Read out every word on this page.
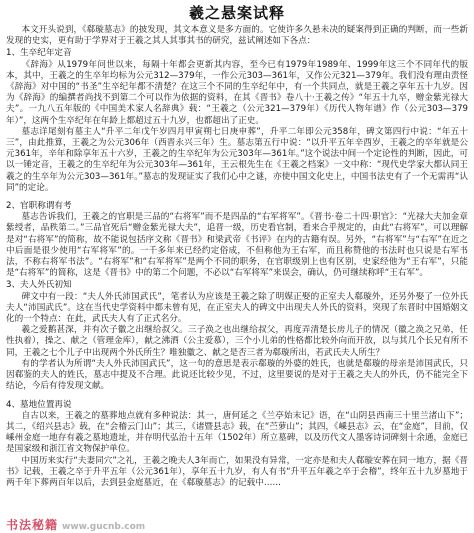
羲之悬案试释

本文开头说到，《郗璇墓志》的披发现，其文本意义是多方面的。它使许多久悬未决的疑案得到正确的判断，而一些新发现的史实，更有助于学界对于王羲之其人其事其书的研究，兹试阐述如下各点：

1、生卒纪年定音

《辞海》从1979年问世以来，每隔十年都会更新其内容，至今已有1979年1989年、1999年这三个不同年代的版本，其中，王羲之的生卒年均标为公元312—379年，一作公元303—361年，又作公元321—379年。我们没有理由责怪《辞海》对中国的“书圣”生卒纪年都不清楚？在这三个不同的生卒纪年中，有一个共同点，就是王羲之享年五十九岁。因为《辞海》的编撰者尚找不到第二个可以作为依据的资料，在其《晋书》卷八十·王羲之传》“年五十九卒，赠金紫光禄大夫”。一九八五年版的《中国美术家人名辞典》载：“王羲之（公元321—379年）《历代人物年谱》作（公元303—379年）”，这两个生卒纪年在年龄上都超过五十九岁，也都超出了正史。

墓志详尾刻有墓主人“升平二年戊午岁四月甲寅朔七日庚申葬”，升平二年即公元358年，碑文第四行中说：“年五十三”，由此推算，王羲之为公元306年（西晋永兴三年）生。墓志第五行中说：“以升平五年辛酉岁，王羲之的卒年就是公元361年，辛年和除享年五十六岁，王羲之的生卒纪年为公元303年—361年。”这个说法中间一个定论性的判断，因此，可以一锤定音，王羲之的生卒纪年为公元303年—361年，王云根先生在《王羲之档案》一文中称：“现代史学家大都认同王羲之的生卒年为公元303—361年。”墓志的发现证实了我们心中之谜，亦使中国文化史上，中国书法史有了一个无需再“认同”的定论。

2、官职称谓有考

墓志告诉我们，王羲之的官职是三品的“右将军”而不是四品的“右军将军”。《晋书·卷二十四·职官》：“光禄大夫加金章紫绶者，品秩第二。”三品官死后“赠金紫光禄大夫”，追晋一级，历史看官制，看来合乎规定的，由此“右将军”，可以理解是对“右将军”的简称，故不能说包括序文称《晋书》和梁武帝《书评》在内的古籍有误。另外，“右将军”与“右军”在近之中后面是很少使用“右军将军”的。一千多年来已经约定俗成，不但称他为王右军，而且称赞他的书法时也只说是右军书法，不称右将军书法”。“右将军”和“右军将军”是两个不同的职务，在官职级别上也有区别，史家经他为“王右军”，只能是“右将军”的简称，这是《晋书》中的第二个问题，不必以“右军将军”来误会，确认，仍可继续称呼“王右军”。

3、夫人外氏初知

碑文中有一段：“夫人外氏沛国武氏”，笔者认为应该是王羲之除了明媒正娶的正室夫人郗璇外，还另外娶了一位外氏夫人“沛国武氏”。这在当代史学资料中都未曾有见，在正室夫人的碑文中出现夫人外氏的资料，突现了东晋时中国婚姻文化的一个特点：在此，武氏夫人有了正式名分。

羲之爱鹅甚深，并有次子徽之出继给叔父。三子涣之也出继给叔父，再度弄清楚长房儿子的情况（徽之涣之兄弟，任性执着），操之、献之（管理金库），献之沸洒（公主爱慕），三个小儿弟的性格都比较外向而开放，以与其几个长兄有所不同，王羲之七个儿子中出现两个外氏所生？唯独徽之、献之是否三者为郗璇所出，若武氏夫人所生？

有的学者认为所谓“夫人外氏沛国武氏”，这一句的意思是表示郗璇的外婆的姓氏，也就是郗璇的母亲是沛国武氏，只因郗鉴的夫人的姓氏，墓志中提及不合理。此说还比较少见，不过，这里要说的是对于王羲之夫人的外氏，仍不能完全下结论，今后有待发现文献。

4、墓地位置再说

自古以来，王羲之的墓葬地点就有多种说法：其一，唐何延之《兰亭始末记》语，在“山阴县西南三十里兰渚山下”；其二，《绍兴县志》载，在“会稽云门山”；其三，《诸暨县志》载，在“苎萝山”；其四，《嵊县志》云，在“金庭”，目前，仅嵊州金庭一地存有羲之墓地遗址，并存明代弘治十五年（1502年）所立墓碑，以及历代文人墨客诗词碑刻十余通，金庭已是国家级和浙江省文物保护单位。

中国历来实行“夫妻同穴”之礼，王羲之晚夫人3年而亡，如果没有异常，一定亦是和夫人郗璇安葬在同一地方，据《晋书》记载，王羲之卒于升平五年（公元361年），享年五十九岁，有人有书“升平五年羲之卒于会稽”，终年五十九岁墓地于两千年下葬两百年以后，去到县金庭墓近，在《郗璇墓志》的记载中……

书法秘籍 www.gucnb.com
